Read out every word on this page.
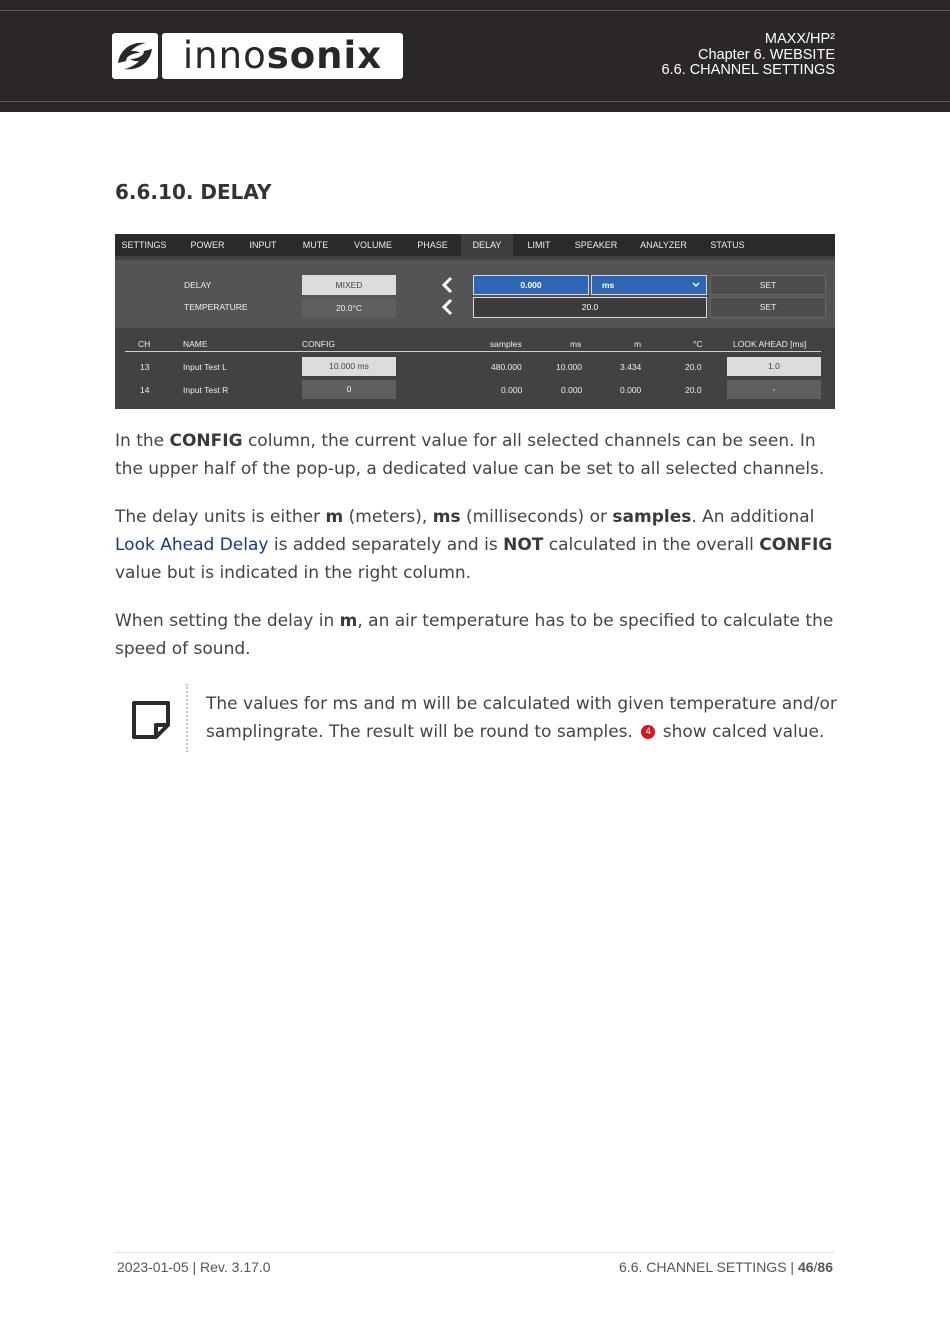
innosonix	MAXX/HP²
Chapter 6. WEBSITE
6.6. CHANNEL SETTINGS
6.6.10. DELAY
SETTINGS	POWER	INPUT	MUTE	VOLUME	PHASE	DELAY	LIMIT	SPEAKER	ANALYZER	STATUS
DELAY	MIXED	0.000	ms	SET
TEMPERATURE	20.0°C	20.0	SET
CH	NAME	CONFIG	samples	ms	m	°C	LOOK AHEAD [ms]
13	Input Test L	10.000 ms	480.000	10.000	3.434	20.0	1.0
14	Input Test R	0	0.000	0.000	0.000	20.0	-

In the CONFIG column, the current value for all selected channels can be seen. In the upper half of the pop-up, a dedicated value can be set to all selected channels.

The delay units is either m (meters), ms (milliseconds) or samples. An additional Look Ahead Delay is added separately and is NOT calculated in the overall CONFIG value but is indicated in the right column.

When setting the delay in m, an air temperature has to be specified to calculate the speed of sound.

The values for ms and m will be calculated with given temperature and/or samplingrate. The result will be round to samples. 4 show calced value.

2023-01-05 | Rev. 3.17.0	6.6. CHANNEL SETTINGS | 46/86
